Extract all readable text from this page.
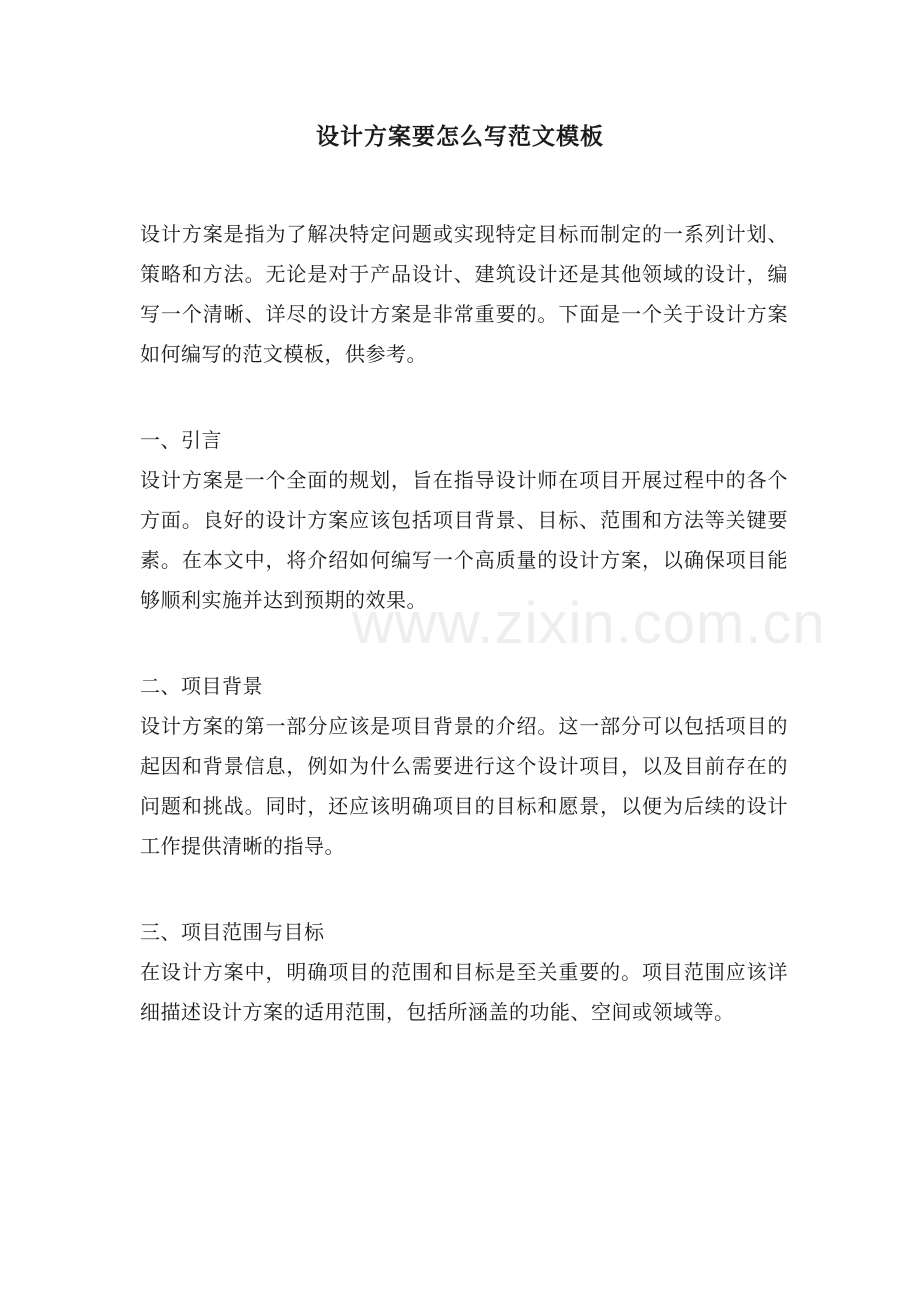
设计方案要怎么写范文模板

设计方案是指为了解决特定问题或实现特定目标而制定的一系列计划、策略和方法。无论是对于产品设计、建筑设计还是其他领域的设计，编写一个清晰、详尽的设计方案是非常重要的。下面是一个关于设计方案如何编写的范文模板，供参考。

一、引言

设计方案是一个全面的规划，旨在指导设计师在项目开展过程中的各个方面。良好的设计方案应该包括项目背景、目标、范围和方法等关键要素。在本文中，将介绍如何编写一个高质量的设计方案，以确保项目能够顺利实施并达到预期的效果。

二、项目背景

设计方案的第一部分应该是项目背景的介绍。这一部分可以包括项目的起因和背景信息，例如为什么需要进行这个设计项目，以及目前存在的问题和挑战。同时，还应该明确项目的目标和愿景，以便为后续的设计工作提供清晰的指导。

三、项目范围与目标

在设计方案中，明确项目的范围和目标是至关重要的。项目范围应该详细描述设计方案的适用范围，包括所涵盖的功能、空间或领域等。

www.zixin.com.cn
